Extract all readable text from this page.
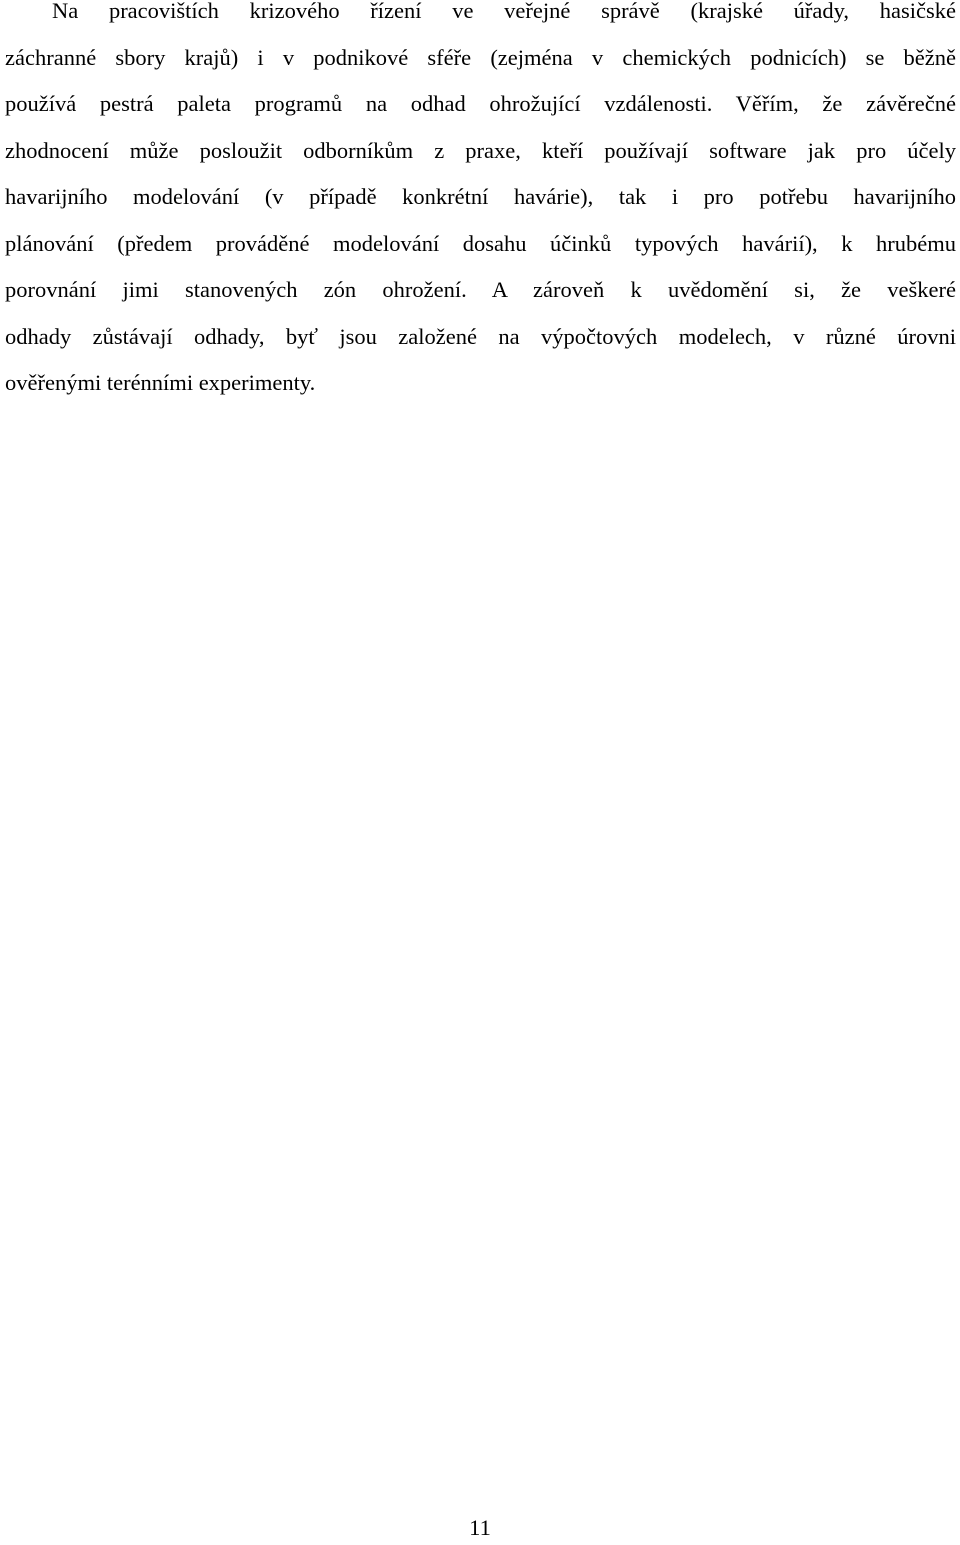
Na pracovištích krizového řízení ve veřejné správě (krajské úřady, hasičské
záchranné sbory krajů) i v podnikové sféře (zejména v chemických podnicích) se běžně
používá pestrá paleta programů na odhad ohrožující vzdálenosti. Věřím, že závěrečné
zhodnocení může posloužit odborníkům z praxe, kteří používají software jak pro účely
havarijního modelování (v případě konkrétní havárie), tak i pro potřebu havarijního
plánování (předem prováděné modelování dosahu účinků typových havárií), k hrubému
porovnání jimi stanovených zón ohrožení. A zároveň k uvědomění si, že veškeré
odhady zůstávají odhady, byť jsou založené na výpočtových modelech, v různé úrovni
ověřenými terénními experimenty.
11
